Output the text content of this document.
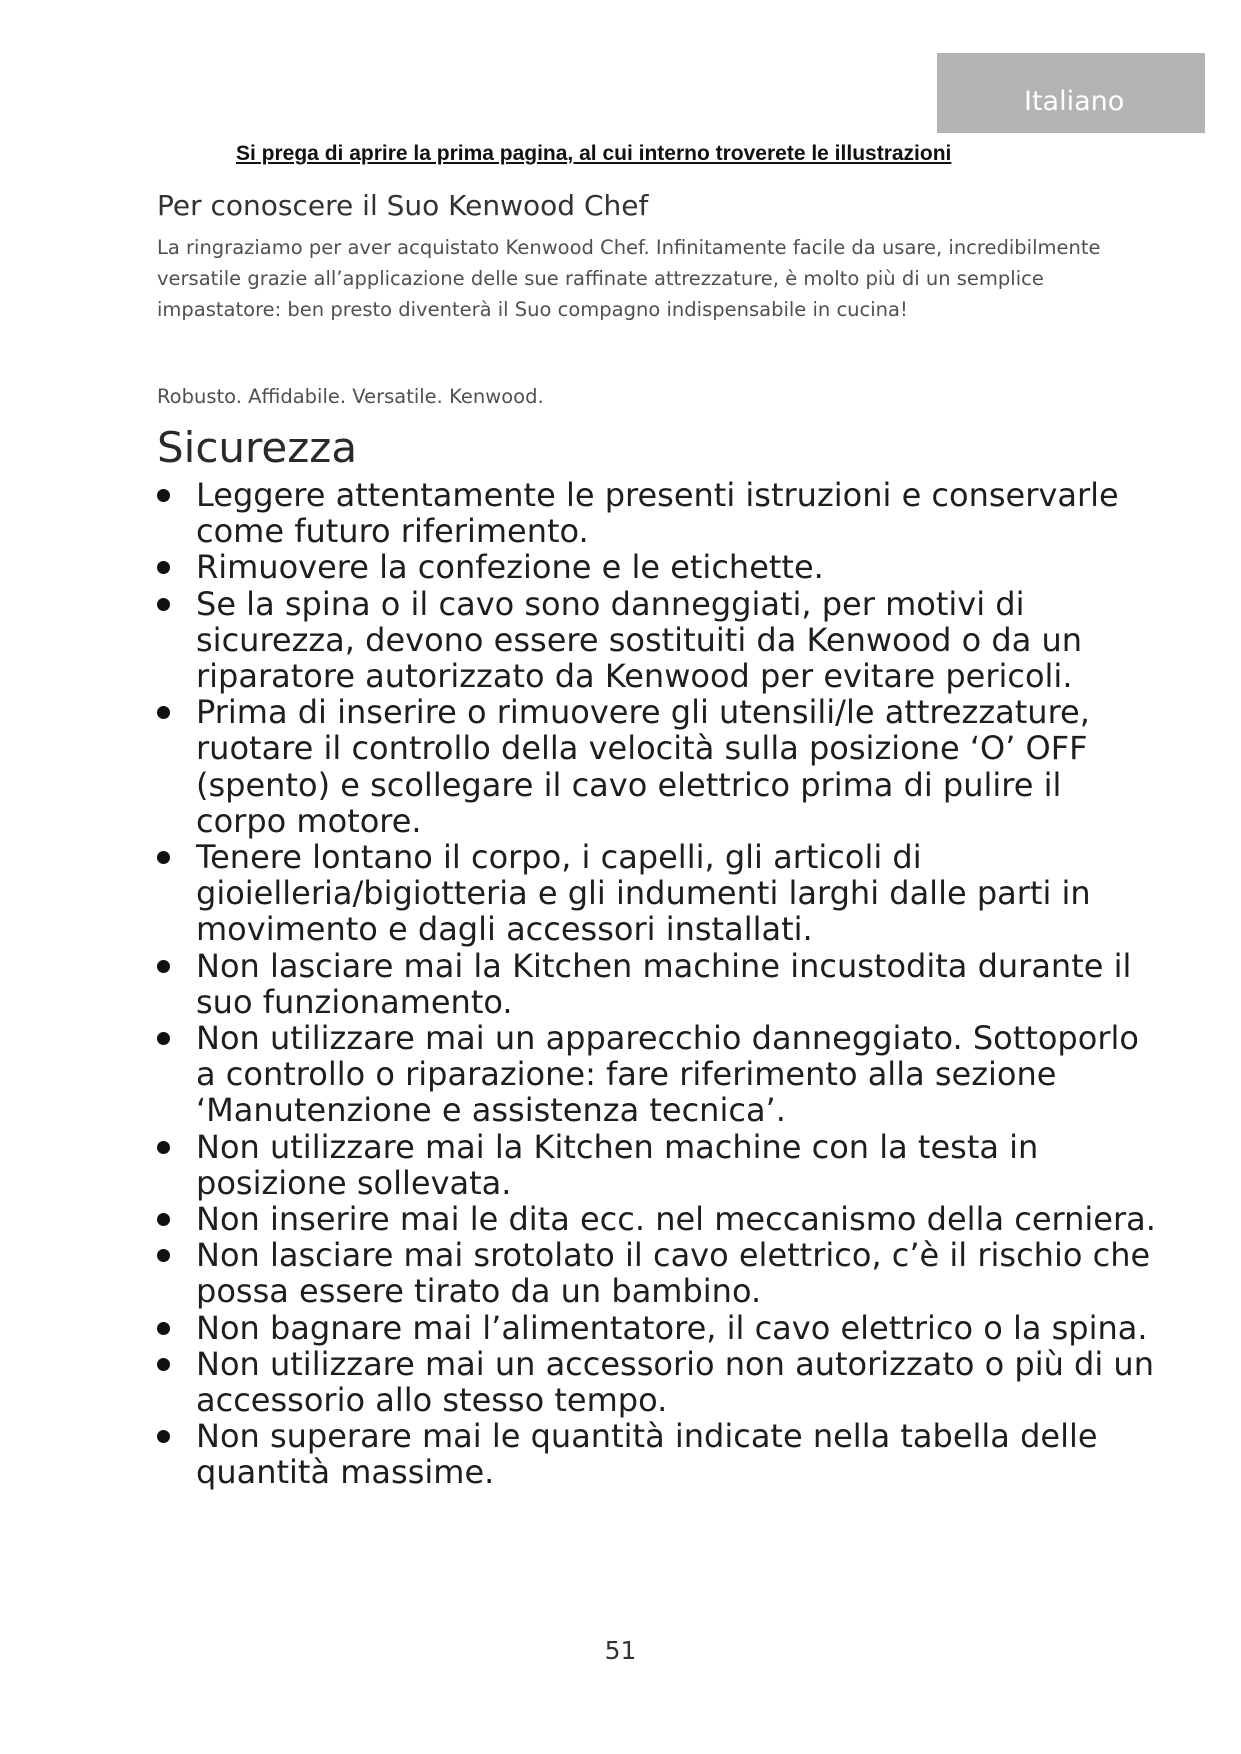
Italiano
Si prega di aprire la prima pagina, al cui interno troverete le illustrazioni
Per conoscere il Suo Kenwood Chef

La ringraziamo per aver acquistato Kenwood Chef. Infinitamente facile da usare, incredibilmente versatile grazie all’applicazione delle sue raffinate attrezzature, è molto più di un semplice impastatore: ben presto diventerà il Suo compagno indispensabile in cucina!

Robusto. Affidabile. Versatile. Kenwood.

Sicurezza
Leggere attentamente le presenti istruzioni e conservarle come futuro riferimento.
Rimuovere la confezione e le etichette.
Se la spina o il cavo sono danneggiati, per motivi di sicurezza, devono essere sostituiti da Kenwood o da un riparatore autorizzato da Kenwood per evitare pericoli.
Prima di inserire o rimuovere gli utensili/le attrezzature, ruotare il controllo della velocità sulla posizione ‘O’ OFF (spento) e scollegare il cavo elettrico prima di pulire il corpo motore.
Tenere lontano il corpo, i capelli, gli articoli di gioielleria/bigiotteria e gli indumenti larghi dalle parti in movimento e dagli accessori installati.
Non lasciare mai la Kitchen machine incustodita durante il suo funzionamento.
Non utilizzare mai un apparecchio danneggiato. Sottoporlo a controllo o riparazione: fare riferimento alla sezione ‘Manutenzione e assistenza tecnica’.
Non utilizzare mai la Kitchen machine con la testa in posizione sollevata.
Non inserire mai le dita ecc. nel meccanismo della cerniera.
Non lasciare mai srotolato il cavo elettrico, c’è il rischio che possa essere tirato da un bambino.
Non bagnare mai l’alimentatore, il cavo elettrico o la spina.
Non utilizzare mai un accessorio non autorizzato o più di un accessorio allo stesso tempo.
Non superare mai le quantità indicate nella tabella delle quantità massime.
51
